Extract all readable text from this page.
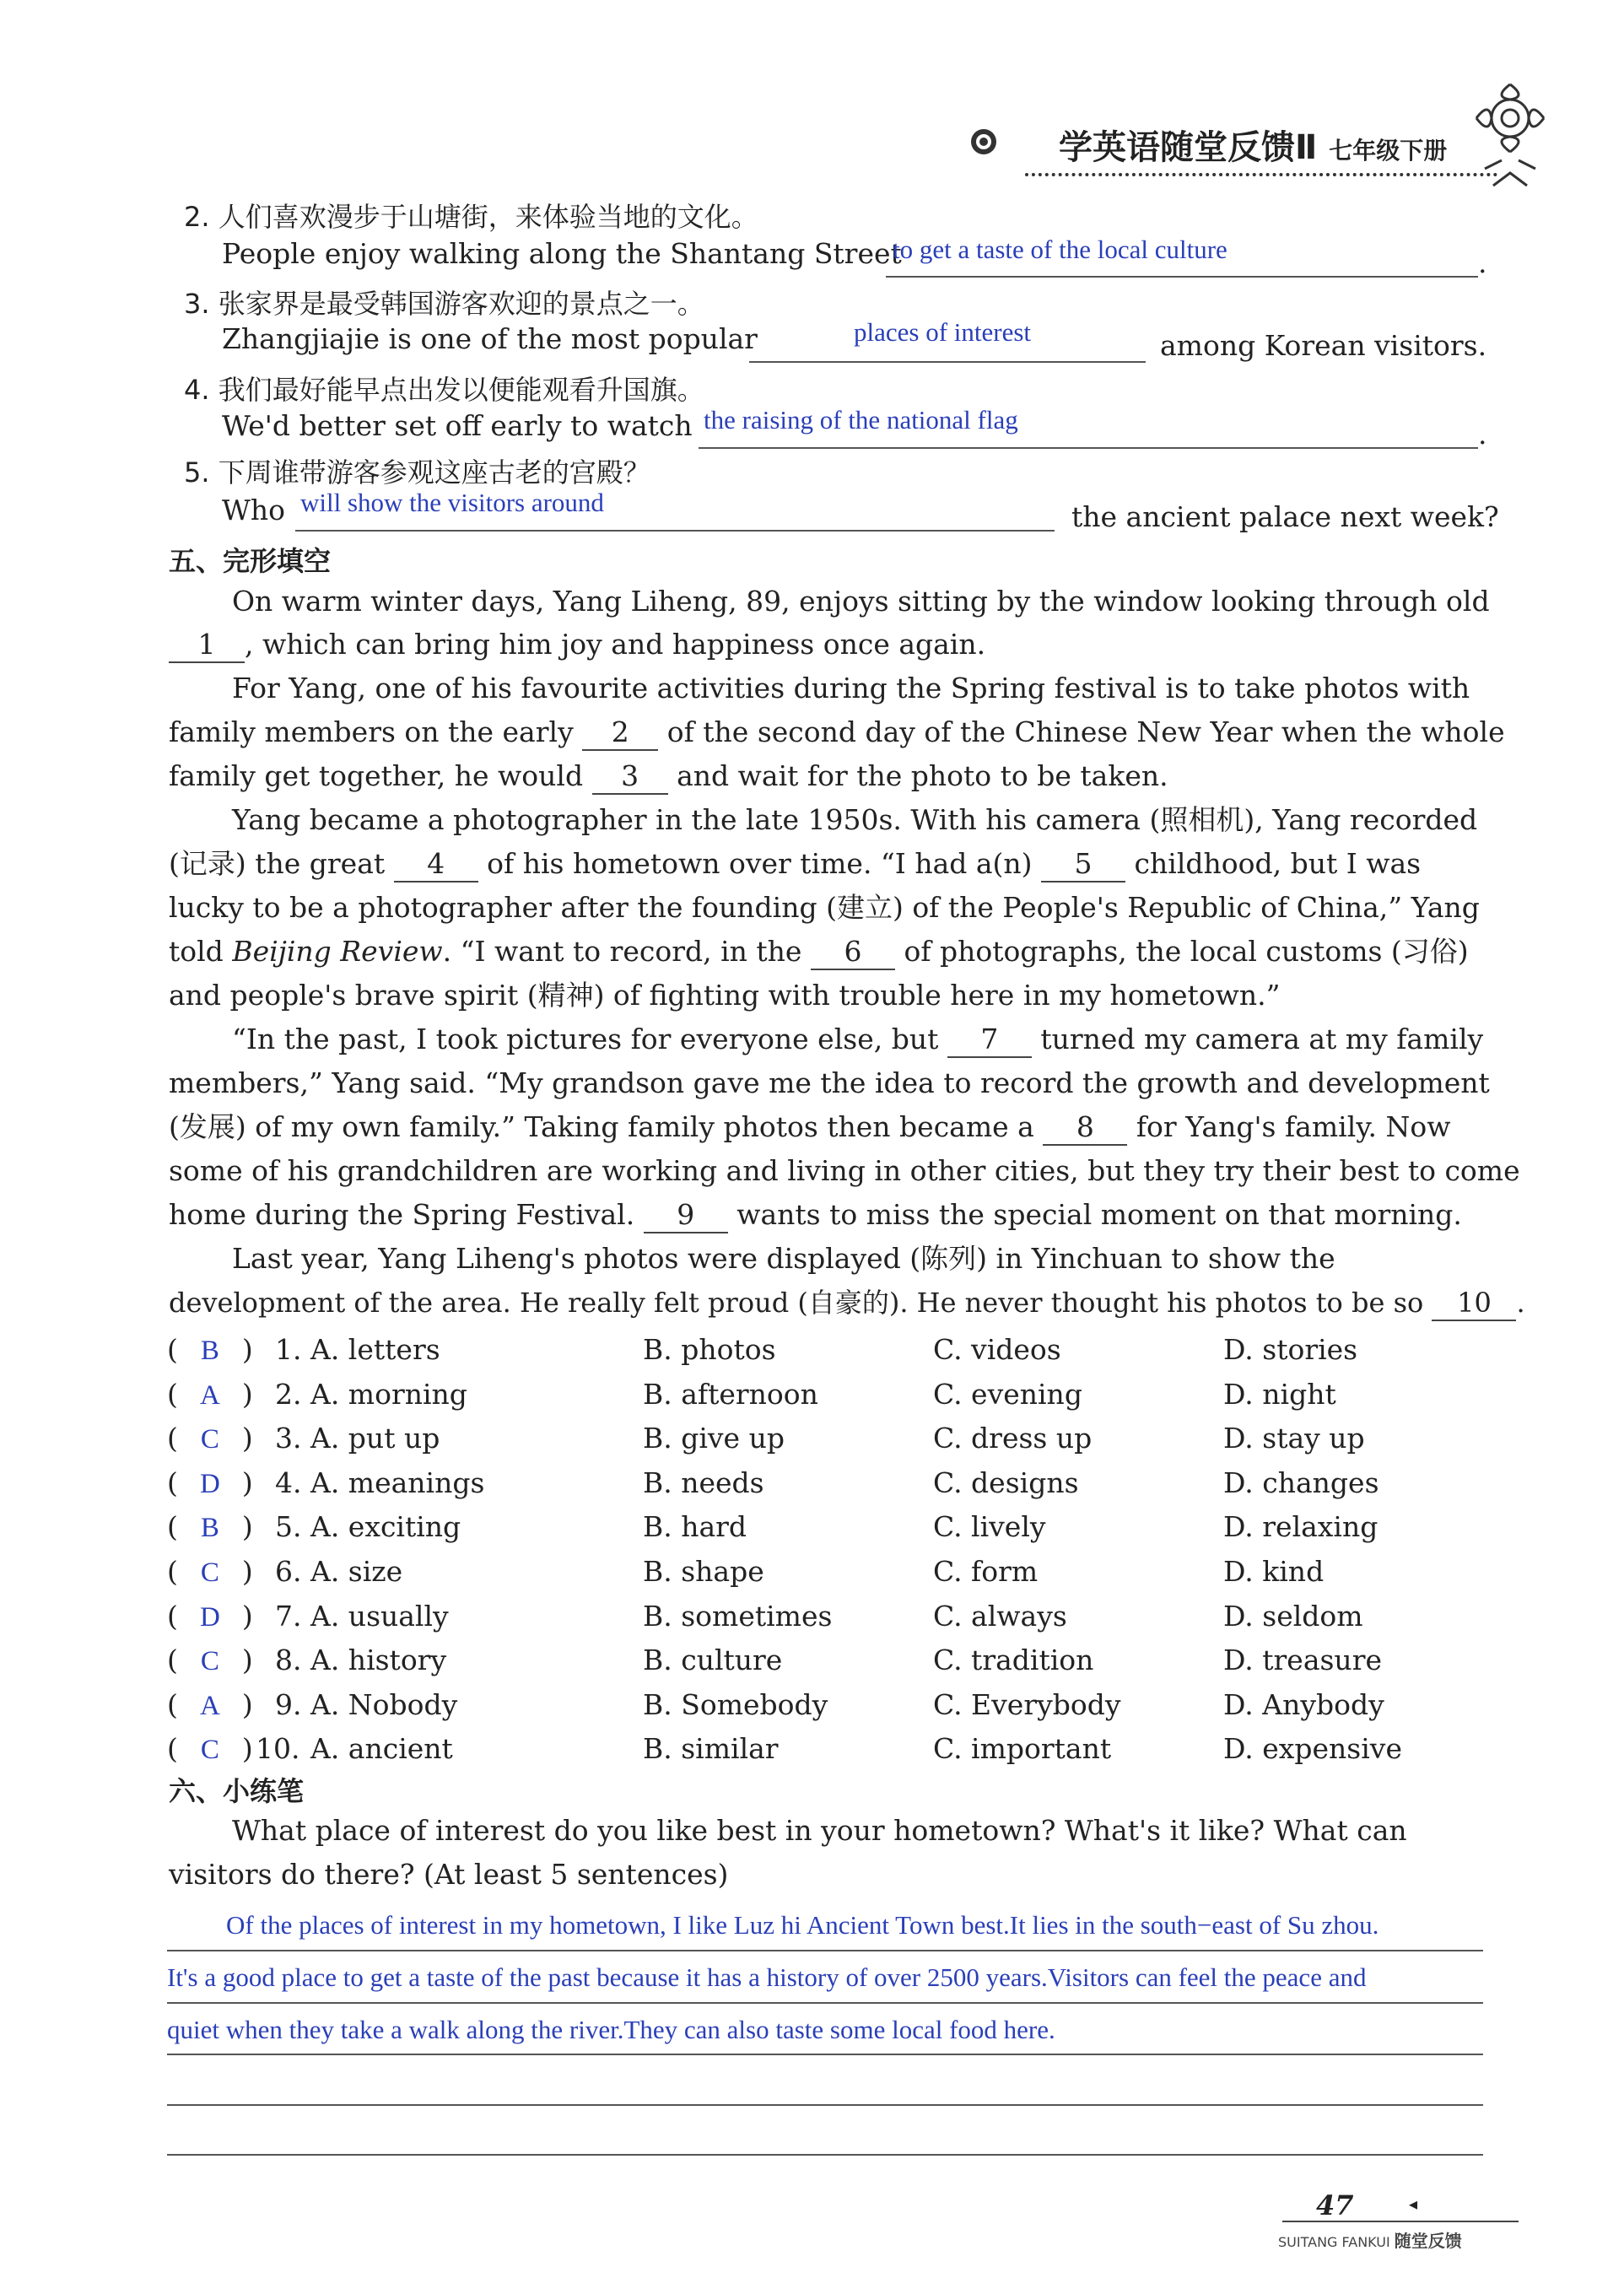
学英语随堂反馈Ⅱ 七年级下册
2. 人们喜欢漫步于山塘街，来体验当地的文化。
People enjoy walking along the Shantang Street
to get a taste of the local culture	.
3. 张家界是最受韩国游客欢迎的景点之一。
Zhangjiajie is one of the most popular	places of interest	among Korean visitors.
4. 我们最好能早点出发以便能观看升国旗。
We'd better set off early to watch the raising of the national flag	.
5. 下周谁带游客参观这座古老的宫殿？
Who will show the visitors around	the ancient palace next week?
五、完形填空
On warm winter days, Yang Liheng, 89, enjoys sitting by the window looking through old
1 , which can bring him joy and happiness once again.
For Yang, one of his favourite activities during the Spring festival is to take photos with
family members on the early 2 of the second day of the Chinese New Year when the whole
family get together, he would 3 and wait for the photo to be taken.
Yang became a photographer in the late 1950s. With his camera (照相机), Yang recorded
(记录) the great 4 of his hometown over time. “I had a(n) 5 childhood, but I was
lucky to be a photographer after the founding (建立) of the People's Republic of China,” Yang
told Beijing Review. “I want to record, in the 6 of photographs, the local customs (习俗)
and people's brave spirit (精神) of fighting with trouble here in my hometown.”
“In the past, I took pictures for everyone else, but 7 turned my camera at my family
members,” Yang said. “My grandson gave me the idea to record the growth and development
(发展) of my own family.” Taking family photos then became a 8 for Yang's family. Now
some of his grandchildren are working and living in other cities, but they try their best to come
home during the Spring Festival. 9 wants to miss the special moment on that morning.
Last year, Yang Liheng's photos were displayed (陈列) in Yinchuan to show the
development of the area. He really felt proud (自豪的). He never thought his photos to be so 10 .
(  B  ) 1. A. letters	B. photos	C. videos	D. stories
(  A  ) 2. A. morning	B. afternoon	C. evening	D. night
(  C  ) 3. A. put up	B. give up	C. dress up	D. stay up
(  D  ) 4. A. meanings	B. needs	C. designs	D. changes
(  B  ) 5. A. exciting	B. hard	C. lively	D. relaxing
(  C  ) 6. A. size	B. shape	C. form	D. kind
(  D  ) 7. A. usually	B. sometimes	C. always	D. seldom
(  C  ) 8. A. history	B. culture	C. tradition	D. treasure
(  A  ) 9. A. Nobody	B. Somebody	C. Everybody	D. Anybody
(  C  ) 10. A. ancient	B. similar	C. important	D. expensive
六、小练笔
What place of interest do you like best in your hometown? What's it like? What can
visitors do there? (At least 5 sentences)
Of the places of interest in my hometown, I like Luz hi Ancient Town best.It lies in the south−east of Su zhou.
It's a good place to get a taste of the past because it has a history of over 2500 years.Visitors can feel the peace and
quiet when they take a walk along the river.They can also taste some local food here.
47	◂
SUITANG FANKUI 随堂反馈
